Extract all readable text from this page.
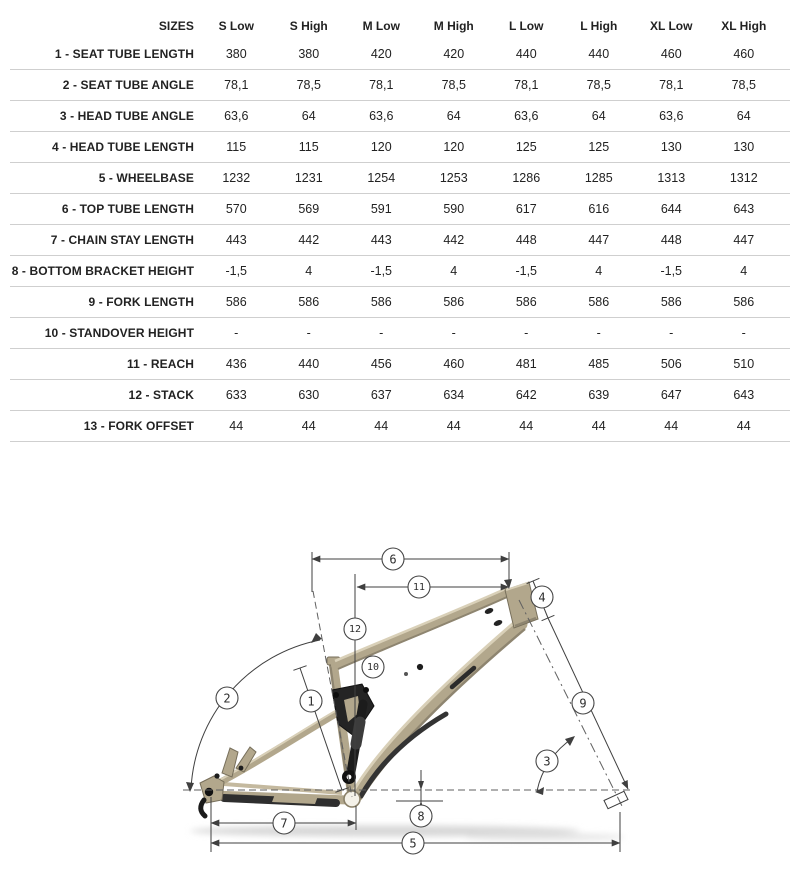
SIZES	S Low	S High	M Low	M High	L Low	L High	XL Low	XL High
1 - SEAT TUBE LENGTH	380	380	420	420	440	440	460	460
2 - SEAT TUBE ANGLE	78,1	78,5	78,1	78,5	78,1	78,5	78,1	78,5
3 - HEAD TUBE ANGLE	63,6	64	63,6	64	63,6	64	63,6	64
4 - HEAD TUBE LENGTH	115	115	120	120	125	125	130	130
5 - WHEELBASE	1232	1231	1254	1253	1286	1285	1313	1312
6 - TOP TUBE LENGTH	570	569	591	590	617	616	644	643
7 - CHAIN STAY LENGTH	443	442	443	442	448	447	448	447
8 - BOTTOM BRACKET HEIGHT	-1,5	4	-1,5	4	-1,5	4	-1,5	4
9 - FORK LENGTH	586	586	586	586	586	586	586	586
10 - STANDOVER HEIGHT	-	-	-	-	-	-	-	-
11 - REACH	436	440	456	460	481	485	506	510
12 - STACK	633	630	637	634	642	639	647	643
13 - FORK OFFSET	44	44	44	44	44	44	44	44
1
2
3
4
5
6
7	8
9
10
11
12
